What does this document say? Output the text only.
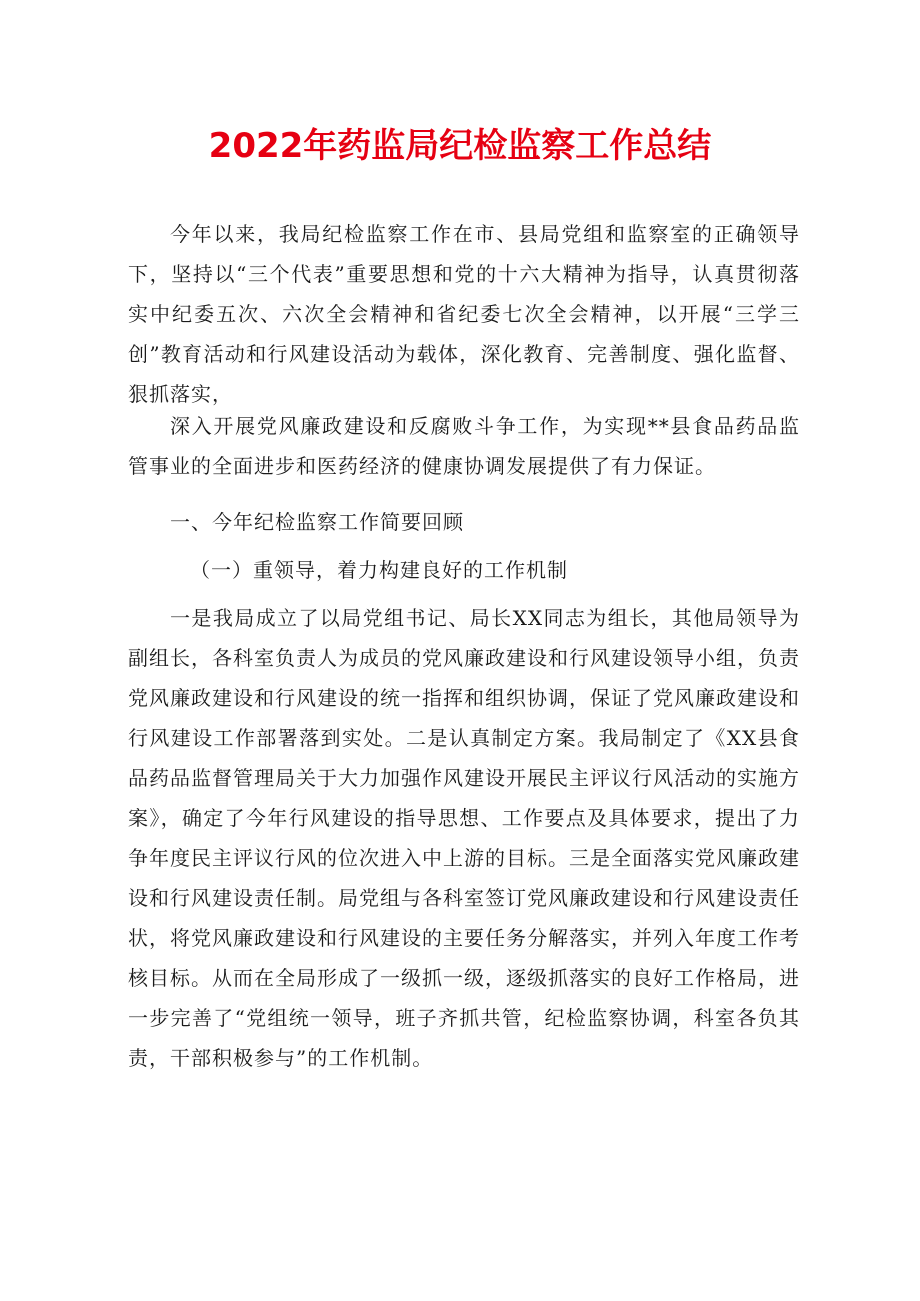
2022年药监局纪检监察工作总结

今年以来，我局纪检监察工作在市、县局党组和监察室的正确领导下，坚持以“三个代表”重要思想和党的十六大精神为指导，认真贯彻落实中纪委五次、六次全会精神和省纪委七次全会精神，以开展“三学三创”教育活动和行风建设活动为载体，深化教育、完善制度、强化监督、狠抓落实，

深入开展党风廉政建设和反腐败斗争工作，为实现**县食品药品监管事业的全面进步和医药经济的健康协调发展提供了有力保证。

一、今年纪检监察工作简要回顾

（一）重领导，着力构建良好的工作机制

一是我局成立了以局党组书记、局长XX同志为组长，其他局领导为副组长，各科室负责人为成员的党风廉政建设和行风建设领导小组，负责党风廉政建设和行风建设的统一指挥和组织协调，保证了党风廉政建设和行风建设工作部署落到实处。二是认真制定方案。我局制定了《XX县食品药品监督管理局关于大力加强作风建设开展民主评议行风活动的实施方案》，确定了今年行风建设的指导思想、工作要点及具体要求，提出了力争年度民主评议行风的位次进入中上游的目标。三是全面落实党风廉政建设和行风建设责任制。局党组与各科室签订党风廉政建设和行风建设责任状，将党风廉政建设和行风建设的主要任务分解落实，并列入年度工作考核目标。从而在全局形成了一级抓一级，逐级抓落实的良好工作格局，进一步完善了“党组统一领导，班子齐抓共管，纪检监察协调，科室各负其责，干部积极参与”的工作机制。
